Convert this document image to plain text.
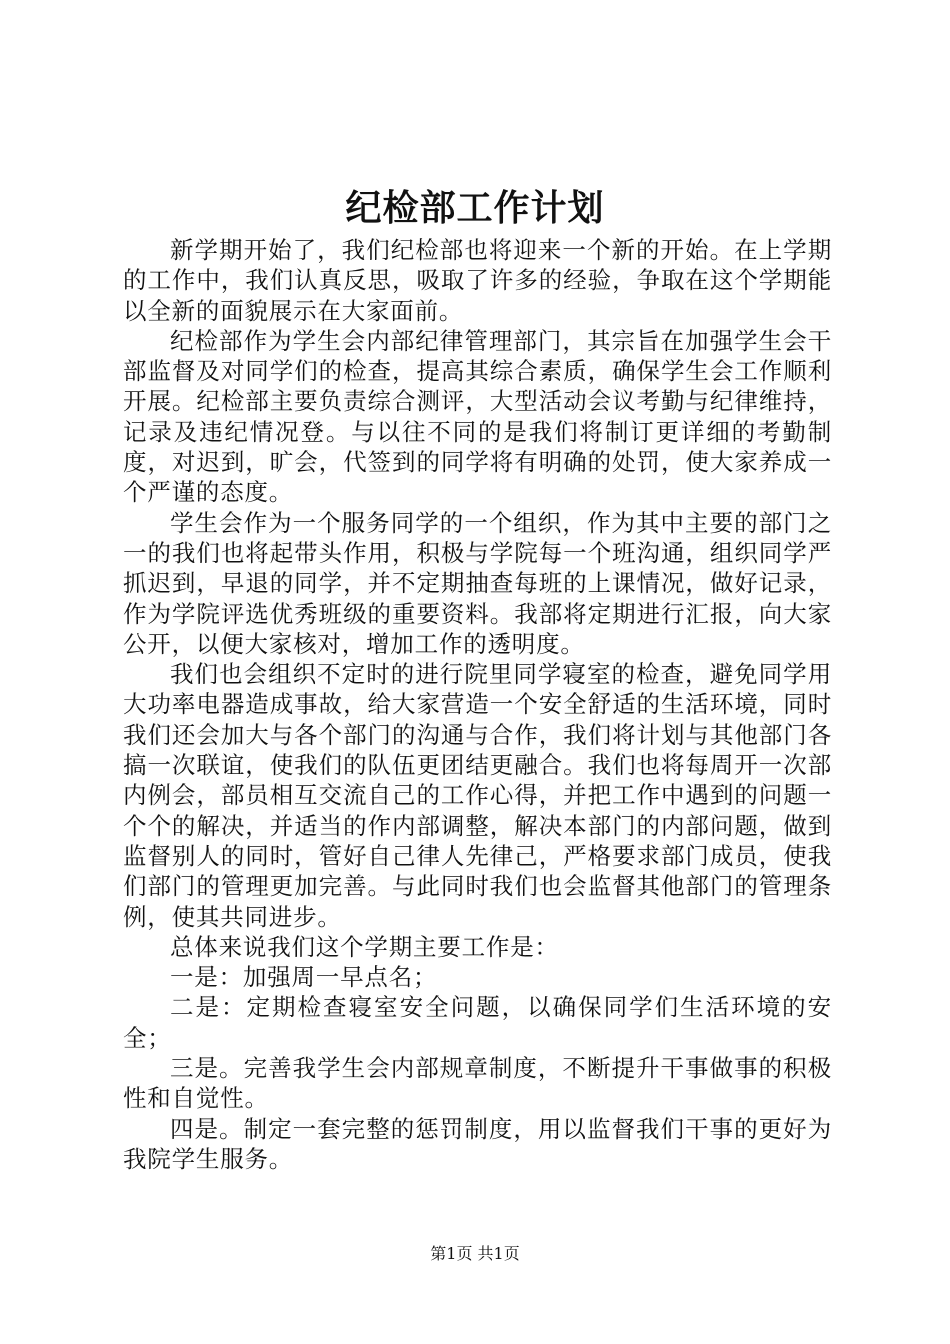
纪检部工作计划

新学期开始了，我们纪检部也将迎来一个新的开始。在上学期的工作中，我们认真反思，吸取了许多的经验，争取在这个学期能以全新的面貌展示在大家面前。

纪检部作为学生会内部纪律管理部门，其宗旨在加强学生会干部监督及对同学们的检查，提高其综合素质，确保学生会工作顺利开展。纪检部主要负责综合测评，大型活动会议考勤与纪律维持，记录及违纪情况登。与以往不同的是我们将制订更详细的考勤制度，对迟到，旷会，代签到的同学将有明确的处罚，使大家养成一个严谨的态度。

学生会作为一个服务同学的一个组织，作为其中主要的部门之一的我们也将起带头作用，积极与学院每一个班沟通，组织同学严抓迟到，早退的同学，并不定期抽查每班的上课情况，做好记录，作为学院评选优秀班级的重要资料。我部将定期进行汇报，向大家公开，以便大家核对，增加工作的透明度。

我们也会组织不定时的进行院里同学寝室的检查，避免同学用大功率电器造成事故，给大家营造一个安全舒适的生活环境，同时我们还会加大与各个部门的沟通与合作，我们将计划与其他部门各搞一次联谊，使我们的队伍更团结更融合。我们也将每周开一次部内例会，部员相互交流自己的工作心得，并把工作中遇到的问题一个个的解决，并适当的作内部调整，解决本部门的内部问题，做到监督别人的同时，管好自己律人先律己，严格要求部门成员，使我们部门的管理更加完善。与此同时我们也会监督其他部门的管理条例，使其共同进步。

总体来说我们这个学期主要工作是：

一是：加强周一早点名；

二是：定期检查寝室安全问题，以确保同学们生活环境的安全；

三是。完善我学生会内部规章制度，不断提升干事做事的积极性和自觉性。

四是。制定一套完整的惩罚制度，用以监督我们干事的更好为我院学生服务。

第1页 共1页
